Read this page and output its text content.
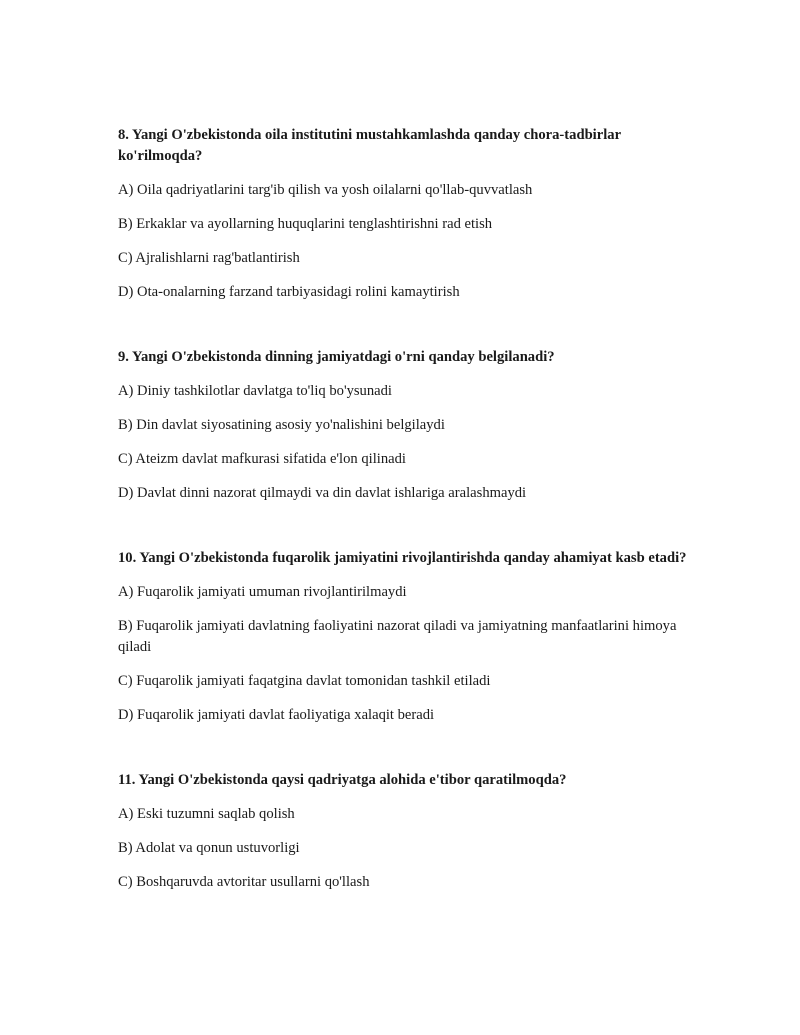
8. Yangi O'zbekistonda oila institutini mustahkamlashda qanday chora-tadbirlar ko'rilmoqda?

A) Oila qadriyatlarini targ'ib qilish va yosh oilalarni qo'llab-quvvatlash

B) Erkaklar va ayollarning huquqlarini tenglashtirishni rad etish

C) Ajralishlarni rag'batlantirish

D) Ota-onalarning farzand tarbiyasidagi rolini kamaytirish

9. Yangi O'zbekistonda dinning jamiyatdagi o'rni qanday belgilanadi?

A) Diniy tashkilotlar davlatga to'liq bo'ysunadi

B) Din davlat siyosatining asosiy yo'nalishini belgilaydi

C) Ateizm davlat mafkurasi sifatida e'lon qilinadi

D) Davlat dinni nazorat qilmaydi va din davlat ishlariga aralashmaydi

10. Yangi O'zbekistonda fuqarolik jamiyatini rivojlantirishda qanday ahamiyat kasb etadi?

A) Fuqarolik jamiyati umuman rivojlantirilmaydi

B) Fuqarolik jamiyati davlatning faoliyatini nazorat qiladi va jamiyatning manfaatlarini himoya qiladi

C) Fuqarolik jamiyati faqatgina davlat tomonidan tashkil etiladi

D) Fuqarolik jamiyati davlat faoliyatiga xalaqit beradi

11. Yangi O'zbekistonda qaysi qadriyatga alohida e'tibor qaratilmoqda?

A) Eski tuzumni saqlab qolish

B) Adolat va qonun ustuvorligi

C) Boshqaruvda avtoritar usullarni qo'llash
